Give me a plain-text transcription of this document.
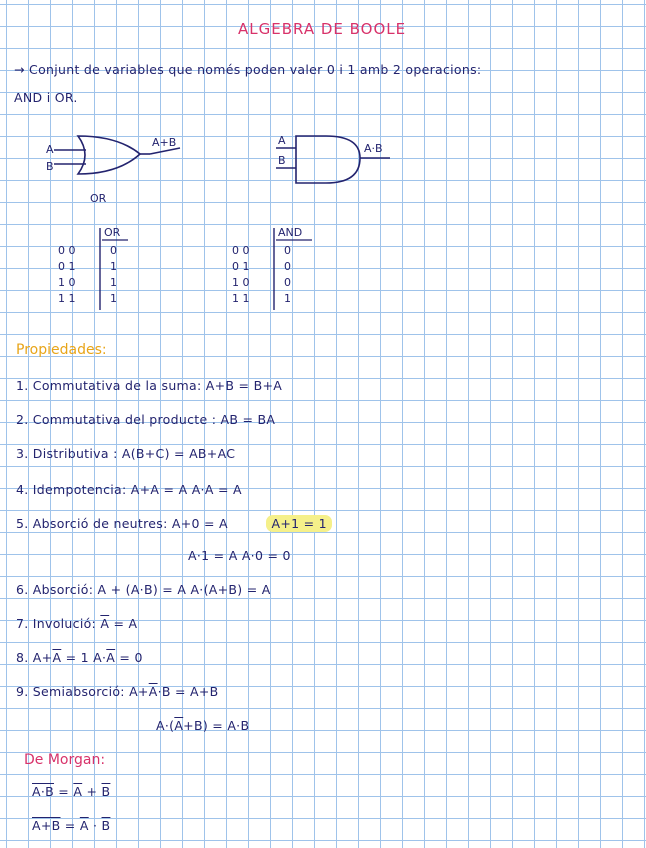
ALGEBRA DE BOOLE
→ Conjunt de variables que només poden valer 0 i 1 amb 2 operacions:
AND i OR.
A
B
A+B
OR
A
B
A·B
OR
0 0	0
0 1	1
1 0	1
1 1	1
AND
0 0	0
0 1	0
1 0	0
1 1	1
Propiedades:
1. Commutativa de la suma: A+B = B+A
2. Commutativa del producte : AB = BA
3. Distributiva : A(B+C) = AB+AC
4. Idempotencia: A+A = A A·A = A
5. Absorció de neutres: A+0 = A	A+1 = 1
A·1 = A A·0 = 0
6. Absorció: A + (A·B) = A A·(A+B) = A
7. Involució: $\overline{A} = A$
8. $A+\overline{A} = 1$ $A\cdot\overline{A} = 0$
9. Semiabsorció: $A+\overline{A}\cdot B = A+B$
$A\cdot(\overline{A}+B) = A\cdot B$
De Morgan:
$A\cdot B = \overline{A} + \overline{B}$
$A+B = \overline{A} \cdot \overline{B}$
